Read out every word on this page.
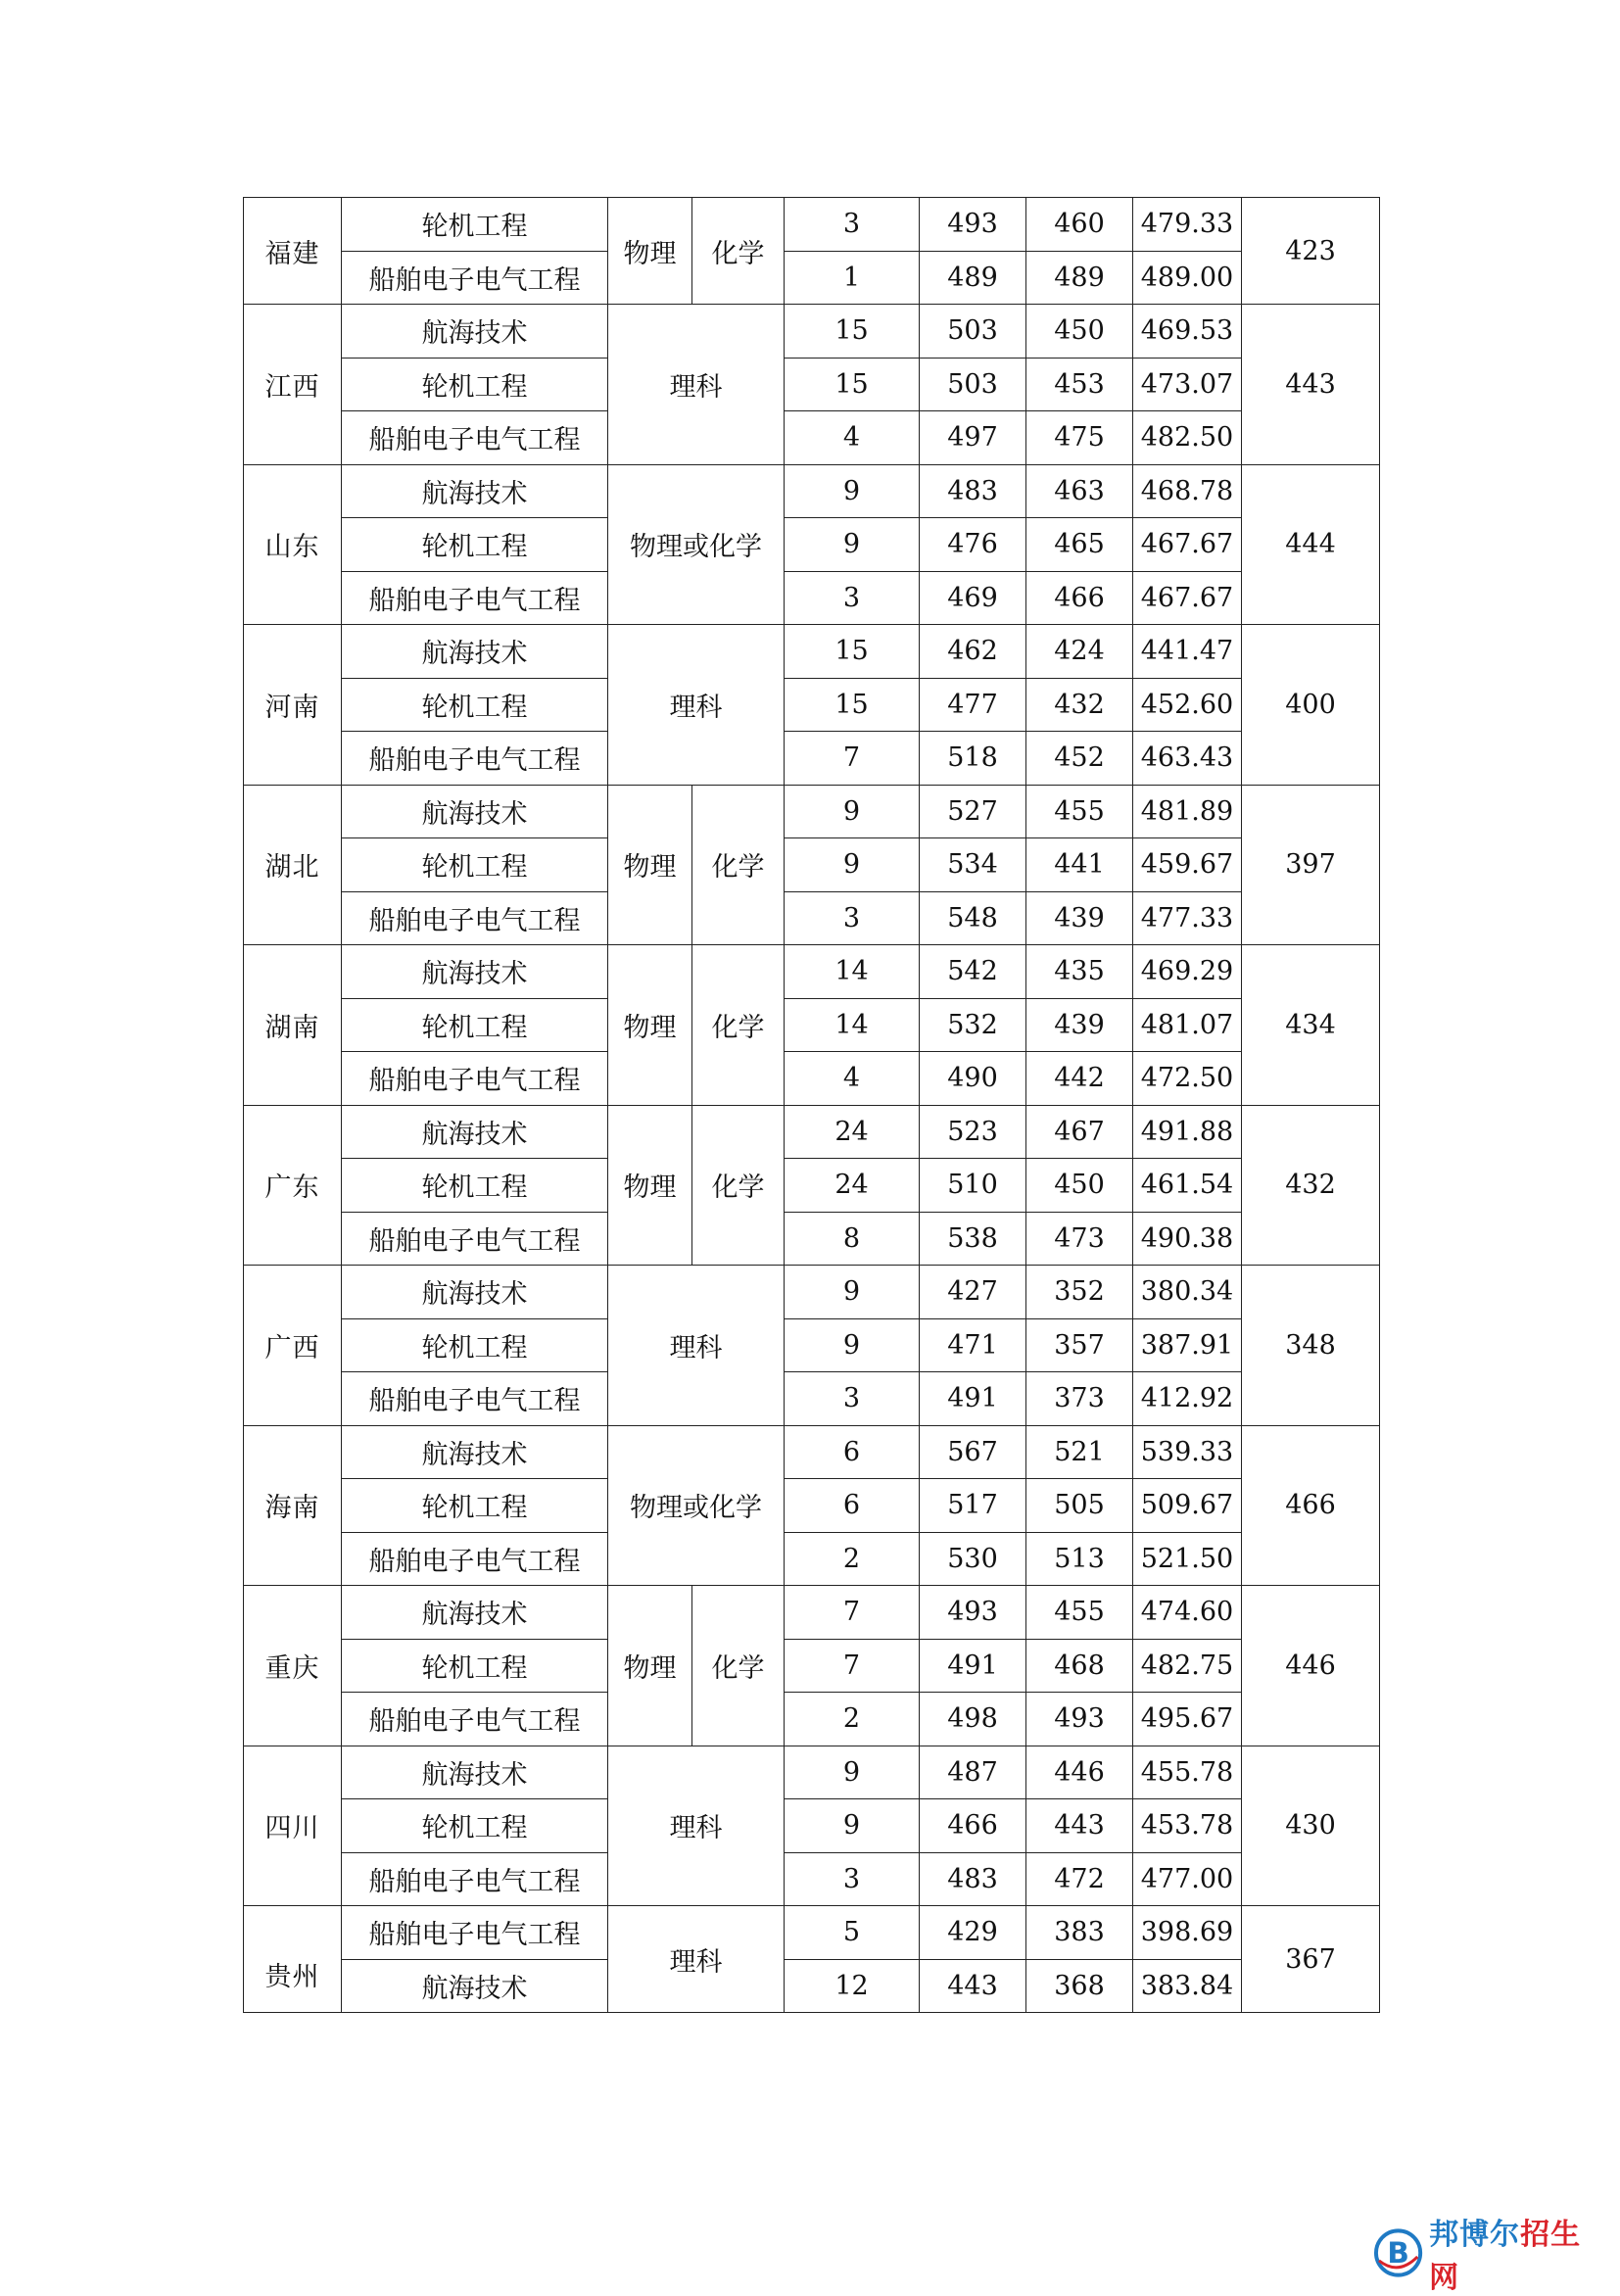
福建	轮机工程	物理	化学	3	493	460	479.33	423
	船舶电子电气工程			1	489	489	489.00	
江西	航海技术	理科		15	503	450	469.53	443
	轮机工程			15	503	453	473.07	
	船舶电子电气工程			4	497	475	482.50	
山东	航海技术	物理或化学		9	483	463	468.78	444
	轮机工程			9	476	465	467.67	
	船舶电子电气工程			3	469	466	467.67	
河南	航海技术	理科		15	462	424	441.47	400
	轮机工程			15	477	432	452.60	
	船舶电子电气工程			7	518	452	463.43	
湖北	航海技术	物理	化学	9	527	455	481.89	397
	轮机工程			9	534	441	459.67	
	船舶电子电气工程			3	548	439	477.33	
湖南	航海技术	物理	化学	14	542	435	469.29	434
	轮机工程			14	532	439	481.07	
	船舶电子电气工程			4	490	442	472.50	
广东	航海技术	物理	化学	24	523	467	491.88	432
	轮机工程			24	510	450	461.54	
	船舶电子电气工程			8	538	473	490.38	
广西	航海技术	理科		9	427	352	380.34	348
	轮机工程			9	471	357	387.91	
	船舶电子电气工程			3	491	373	412.92	
海南	航海技术	物理或化学		6	567	521	539.33	466
	轮机工程			6	517	505	509.67	
	船舶电子电气工程			2	530	513	521.50	
重庆	航海技术	物理	化学	7	493	455	474.60	446
	轮机工程			7	491	468	482.75	
	船舶电子电气工程			2	498	493	495.67	
四川	航海技术	理科		9	487	446	455.78	430
	轮机工程			9	466	443	453.78	
	船舶电子电气工程			3	483	472	477.00	

贵州	船舶电子电气工程	理科		5	429	383	398.69	367
	航海技术			12	443	368	383.84	
B
邦博尔招生网
